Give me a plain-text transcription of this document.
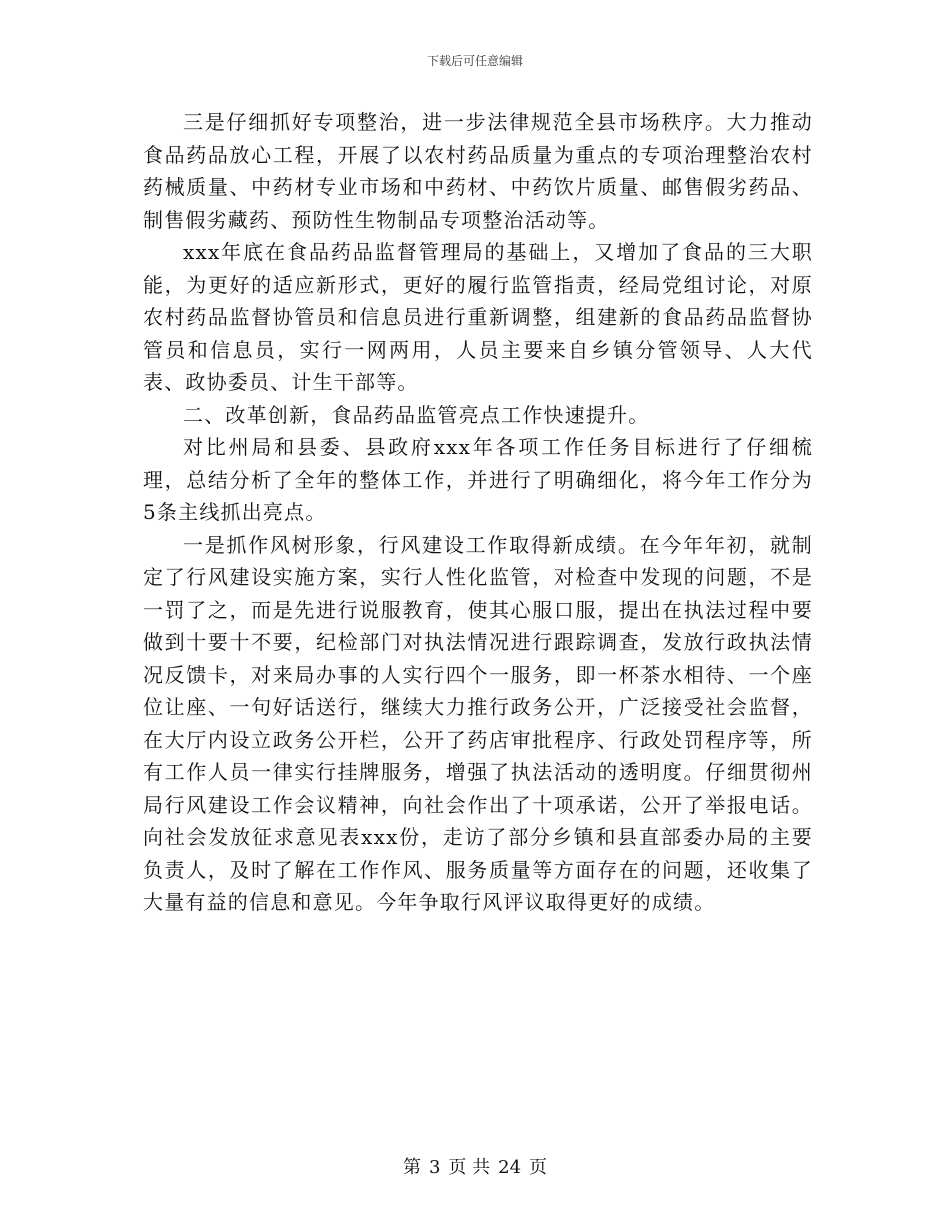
下载后可任意编辑

三是仔细抓好专项整治，进一步法律规范全县市场秩序。大力推动食品药品放心工程，开展了以农村药品质量为重点的专项治理整治农村药械质量、中药材专业市场和中药材、中药饮片质量、邮售假劣药品、制售假劣藏药、预防性生物制品专项整治活动等。

xxx年底在食品药品监督管理局的基础上，又增加了食品的三大职能，为更好的适应新形式，更好的履行监管指责，经局党组讨论，对原农村药品监督协管员和信息员进行重新调整，组建新的食品药品监督协管员和信息员，实行一网两用，人员主要来自乡镇分管领导、人大代表、政协委员、计生干部等。

二、改革创新，食品药品监管亮点工作快速提升。

对比州局和县委、县政府xxx年各项工作任务目标进行了仔细梳理，总结分析了全年的整体工作，并进行了明确细化，将今年工作分为5条主线抓出亮点。

一是抓作风树形象，行风建设工作取得新成绩。在今年年初，就制定了行风建设实施方案，实行人性化监管，对检查中发现的问题，不是一罚了之，而是先进行说服教育，使其心服口服，提出在执法过程中要做到十要十不要，纪检部门对执法情况进行跟踪调查，发放行政执法情况反馈卡，对来局办事的人实行四个一服务，即一杯茶水相待、一个座位让座、一句好话送行，继续大力推行政务公开，广泛接受社会监督，在大厅内设立政务公开栏，公开了药店审批程序、行政处罚程序等，所有工作人员一律实行挂牌服务，增强了执法活动的透明度。仔细贯彻州局行风建设工作会议精神，向社会作出了十项承诺，公开了举报电话。向社会发放征求意见表xxx份，走访了部分乡镇和县直部委办局的主要负责人，及时了解在工作作风、服务质量等方面存在的问题，还收集了大量有益的信息和意见。今年争取行风评议取得更好的成绩。

第 3 页 共 24 页
